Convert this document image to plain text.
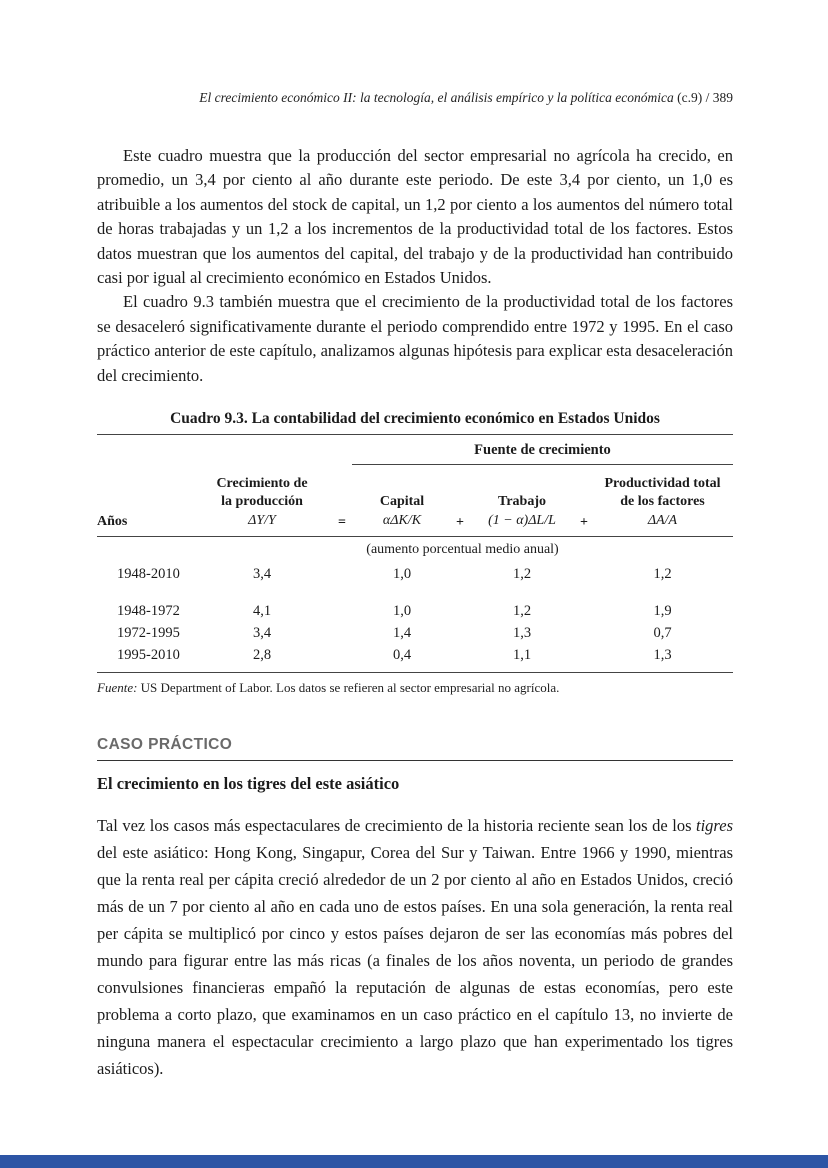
El crecimiento económico II: la tecnología, el análisis empírico y la política económica (c.9) / 389

Este cuadro muestra que la producción del sector empresarial no agrícola ha crecido, en promedio, un 3,4 por ciento al año durante este periodo. De este 3,4 por ciento, un 1,0 es atribuible a los aumentos del stock de capital, un 1,2 por ciento a los aumentos del número total de horas trabajadas y un 1,2 a los incrementos de la productividad total de los factores. Estos datos muestran que los aumentos del capital, del trabajo y de la productividad han contribuido casi por igual al crecimiento económico en Estados Unidos.

El cuadro 9.3 también muestra que el crecimiento de la productividad total de los factores se desaceleró significativamente durante el periodo comprendido entre 1972 y 1995. En el caso práctico anterior de este capítulo, analizamos algunas hipótesis para explicar esta desaceleración del crecimiento.

Cuadro 9.3. La contabilidad del crecimiento económico en Estados Unidos
Fuente de crecimiento
Años
Crecimiento de
la producción
ΔY/Y	=
Capital
αΔK/K	+
Trabajo
(1 − α)ΔL/L	+
Productividad total
de los factores
ΔA/A
(aumento porcentual medio anual)
1948-2010	3,4	1,0	1,2	1,2
1948-1972	4,1	1,0	1,2	1,9
1972-1995	3,4	1,4	1,3	0,7
1995-2010	2,8	0,4	1,1	1,3

Fuente: US Department of Labor. Los datos se refieren al sector empresarial no agrícola.

CASO PRÁCTICO
El crecimiento en los tigres del este asiático

Tal vez los casos más espectaculares de crecimiento de la historia reciente sean los de los tigres del este asiático: Hong Kong, Singapur, Corea del Sur y Taiwan. Entre 1966 y 1990, mientras que la renta real per cápita creció alrededor de un 2 por ciento al año en Estados Unidos, creció más de un 7 por ciento al año en cada uno de estos países. En una sola generación, la renta real per cápita se multiplicó por cinco y estos países dejaron de ser las economías más pobres del mundo para figurar entre las más ricas (a finales de los años noventa, un periodo de grandes convulsiones financieras empañó la reputación de algunas de estas economías, pero este problema a corto plazo, que examinamos en un caso práctico en el capítulo 13, no invierte de ninguna manera el espectacular crecimiento a largo plazo que han experimentado los tigres asiáticos).
